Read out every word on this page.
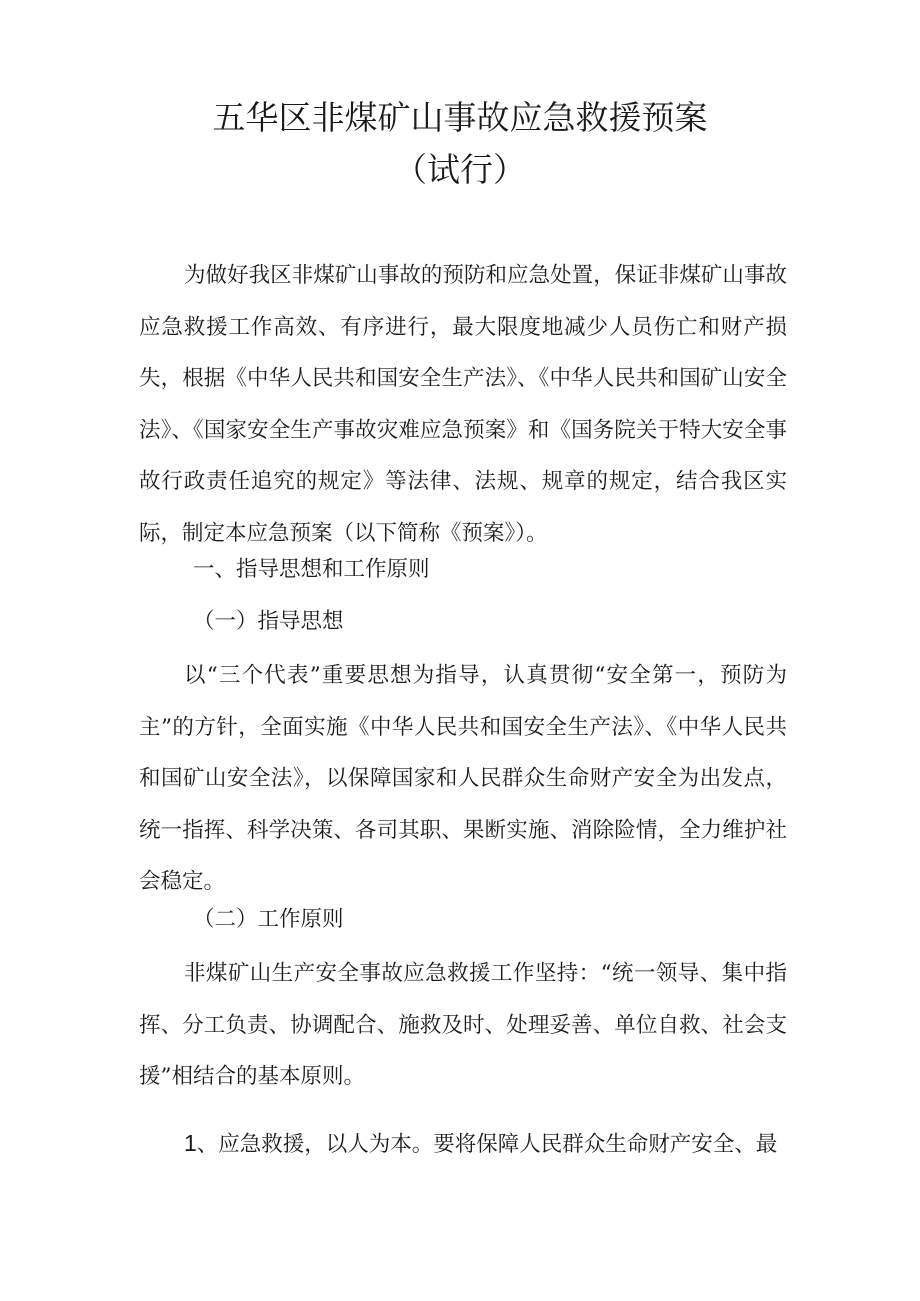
五华区非煤矿山事故应急救援预案
（试行）

为做好我区非煤矿山事故的预防和应急处置，保证非煤矿山事故应急救援工作高效、有序进行，最大限度地减少人员伤亡和财产损失，根据《中华人民共和国安全生产法》、《中华人民共和国矿山安全法》、《国家安全生产事故灾难应急预案》和《国务院关于特大安全事故行政责任追究的规定》等法律、法规、规章的规定，结合我区实际，制定本应急预案（以下简称《预案》）。

一、指导思想和工作原则
（一）指导思想

以“三个代表”重要思想为指导，认真贯彻“安全第一，预防为主”的方针，全面实施《中华人民共和国安全生产法》、《中华人民共和国矿山安全法》，以保障国家和人民群众生命财产安全为出发点，统一指挥、科学决策、各司其职、果断实施、消除险情，全力维护社会稳定。

（二）工作原则

非煤矿山生产安全事故应急救援工作坚持：“统一领导、集中指挥、分工负责、协调配合、施救及时、处理妥善、单位自救、社会支援”相结合的基本原则。

1、应急救援，以人为本。要将保障人民群众生命财产安全、最
